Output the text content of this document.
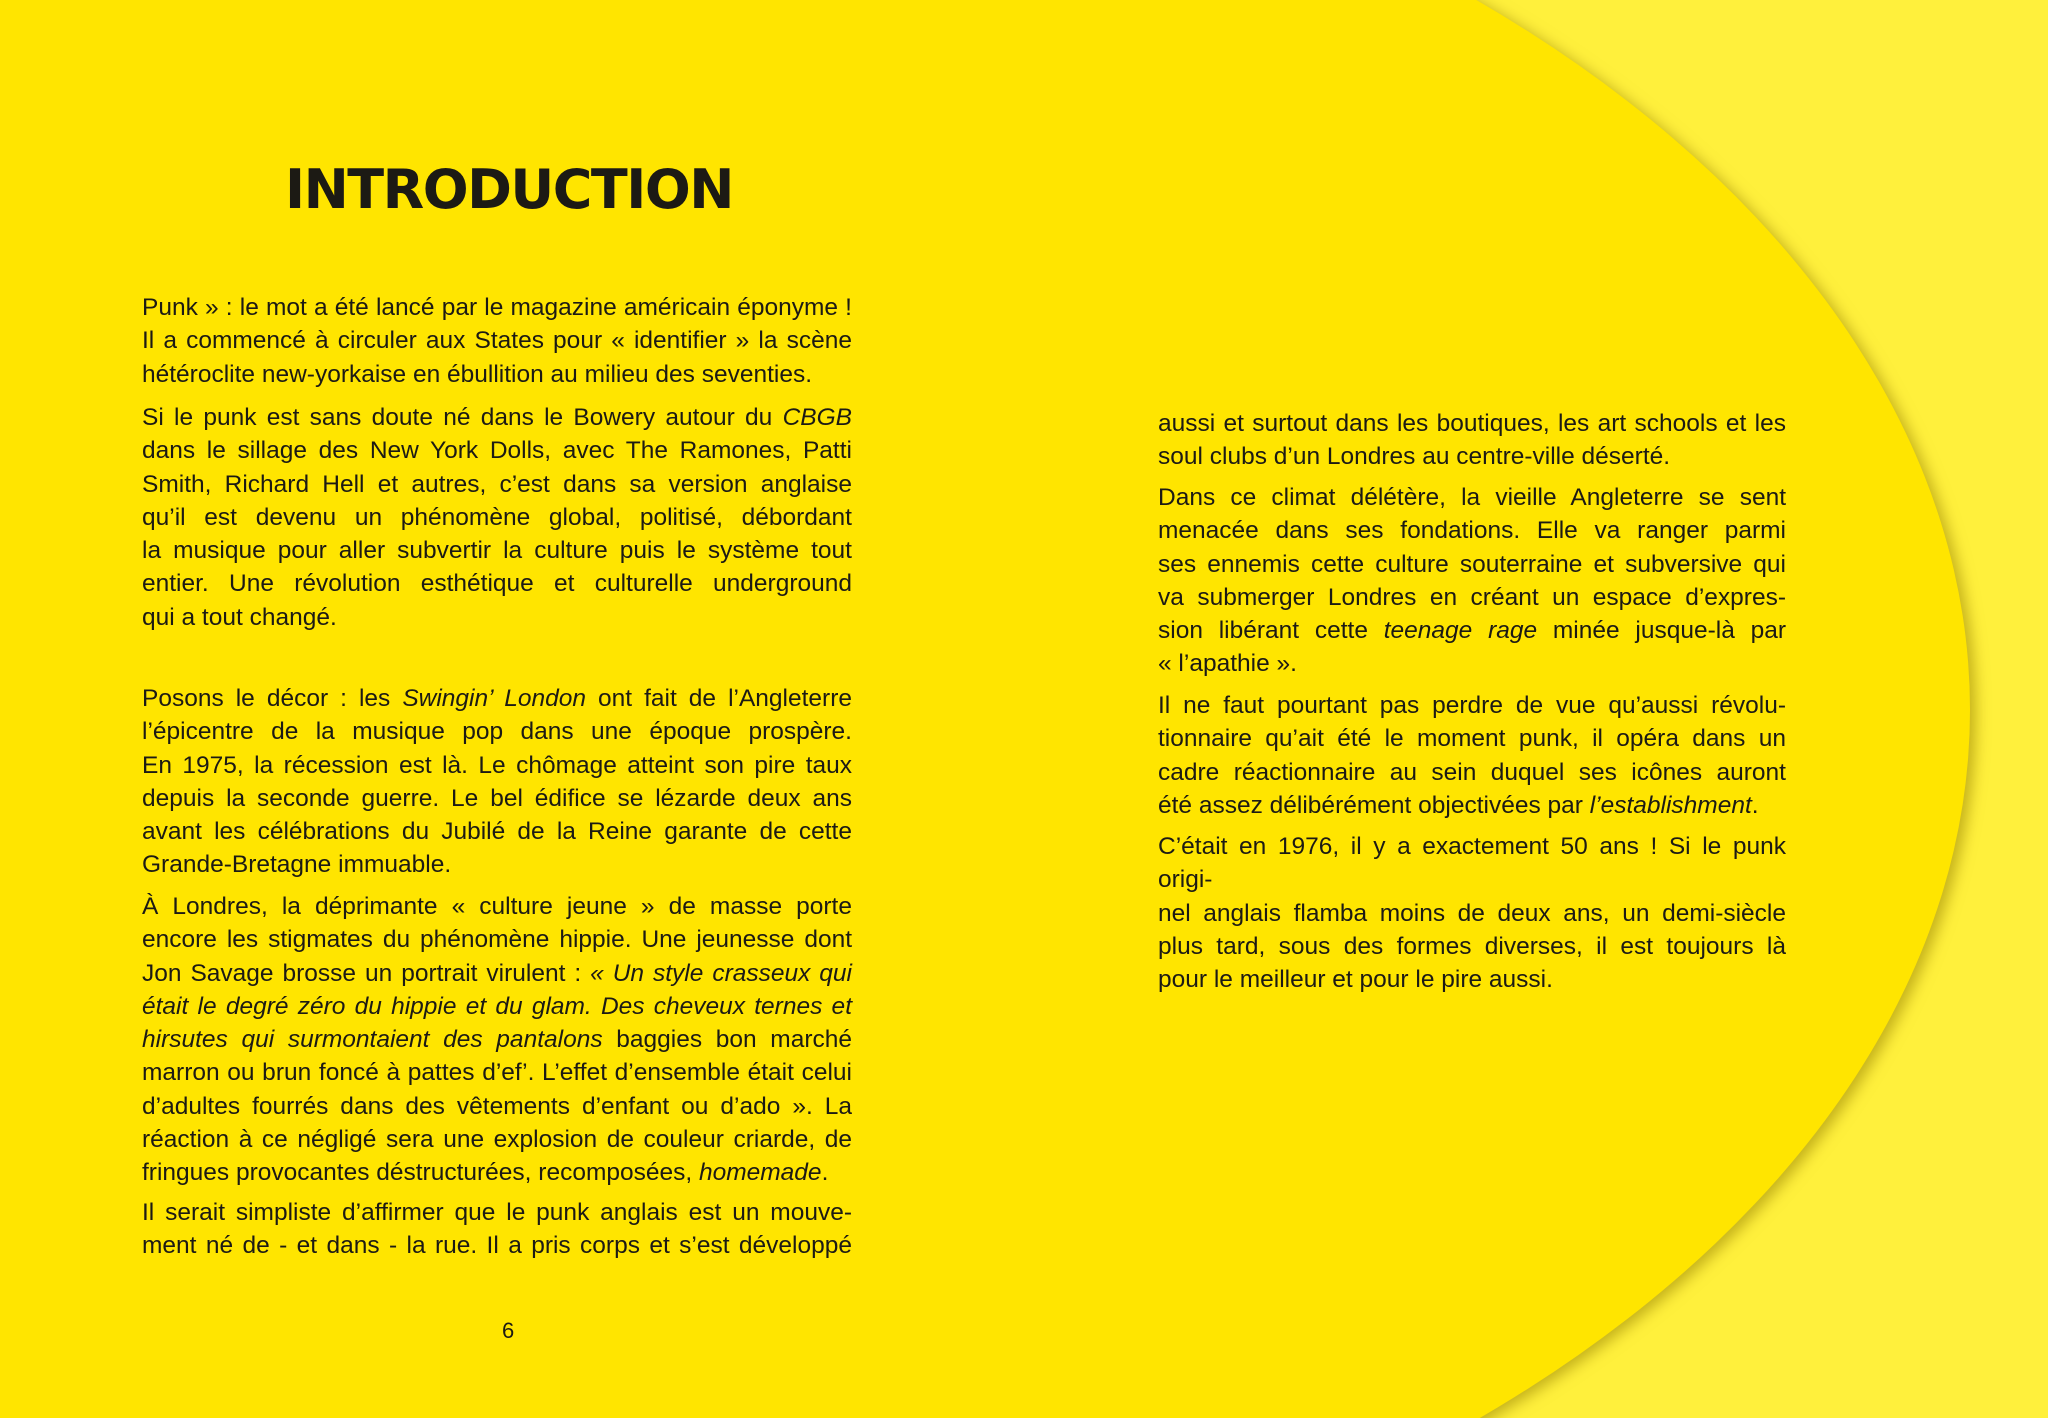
INTRODUCTION

Punk » : le mot a été lancé par le magazine américain éponyme !

Il a commencé à circuler aux States pour « identifier » la scène

hétéroclite new-yorkaise en ébullition au milieu des seventies.

Si le punk est sans doute né dans le Bowery autour du CBGB

dans le sillage des New York Dolls, avec The Ramones, Patti

Smith, Richard Hell et autres, c’est dans sa version anglaise

qu’il est devenu un phénomène global, politisé, débordant

la musique pour aller subvertir la culture puis le système tout

entier. Une révolution esthétique et culturelle underground

qui a tout changé.

Posons le décor : les Swingin’ London ont fait de l’Angleterre

l’épicentre de la musique pop dans une époque prospère.

En 1975, la récession est là. Le chômage atteint son pire taux

depuis la seconde guerre. Le bel édifice se lézarde deux ans

avant les célébrations du Jubilé de la Reine garante de cette

Grande-Bretagne immuable.

À Londres, la déprimante « culture jeune » de masse porte

encore les stigmates du phénomène hippie. Une jeunesse dont

Jon Savage brosse un portrait virulent : « Un style crasseux qui

était le degré zéro du hippie et du glam. Des cheveux ternes et

hirsutes qui surmontaient des pantalons baggies bon marché

marron ou brun foncé à pattes d’ef’. L’effet d’ensemble était celui

d’adultes fourrés dans des vêtements d’enfant ou d’ado ». La

réaction à ce négligé sera une explosion de couleur criarde, de

fringues provocantes déstructurées, recomposées, homemade.

Il serait simpliste d’affirmer que le punk anglais est un mouve-

ment né de - et dans - la rue. Il a pris corps et s’est développé

6

aussi et surtout dans les boutiques, les art schools et les

soul clubs d’un Londres au centre-ville déserté.

Dans ce climat délétère, la vieille Angleterre se sent

menacée dans ses fondations. Elle va ranger parmi

ses ennemis cette culture souterraine et subversive qui

va submerger Londres en créant un espace d’expres-

sion libérant cette teenage rage minée jusque-là par

« l’apathie ».

Il ne faut pourtant pas perdre de vue qu’aussi révolu-

tionnaire qu’ait été le moment punk, il opéra dans un

cadre réactionnaire au sein duquel ses icônes auront

été assez délibérément objectivées par l’establishment.

C’était en 1976, il y a exactement 50 ans ! Si le punk origi-

nel anglais flamba moins de deux ans, un demi-siècle

plus tard, sous des formes diverses, il est toujours là

pour le meilleur et pour le pire aussi.
